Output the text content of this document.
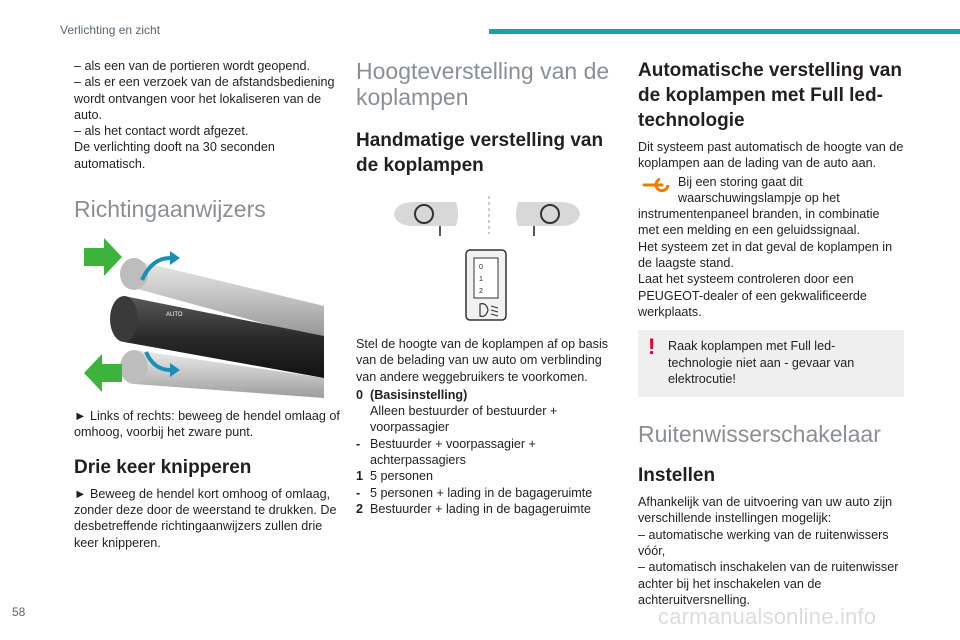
Verlichting en zicht

– als een van de portieren wordt geopend.

– als er een verzoek van de afstandsbediening wordt ontvangen voor het lokaliseren van de auto.

– als het contact wordt afgezet.

De verlichting dooft na 30 seconden automatisch.

Richtingaanwijzers
AUTO

► Links of rechts: beweeg de hendel omlaag of omhoog, voorbij het zware punt.

Drie keer knipperen

► Beweeg de hendel kort omhoog of omlaag, zonder deze door de weerstand te drukken. De desbetreffende richtingaanwijzers zullen drie keer knipperen.

Hoogteverstelling van de koplampen
Handmatige verstelling van de koplampen
0
1
2

Stel de hoogte van de koplampen af op basis van de belading van uw auto om verblinding van andere weggebruikers te voorkomen.

0 (Basisinstelling)
Alleen bestuurder of bestuurder + voorpassagier
- Bestuurder + voorpassagier + achterpassagiers
1 5 personen
- 5 personen + lading in de bagageruimte
2 Bestuurder + lading in de bagageruimte
Automatische verstelling van de koplampen met Full led-technologie

Dit systeem past automatisch de hoogte van de koplampen aan de lading van de auto aan.

Bij een storing gaat dit waarschuwingslampje op het instrumentenpaneel branden, in combinatie met een melding en een geluidssignaal.
Het systeem zet in dat geval de koplampen in de laagste stand.
Laat het systeem controleren door een PEUGEOT-dealer of een gekwalificeerde werkplaats.
! Raak koplampen met Full led-technologie niet aan - gevaar van elektrocutie!
Ruitenwisserschakelaar
Instellen

Afhankelijk van de uitvoering van uw auto zijn verschillende instellingen mogelijk:

– automatische werking van de ruitenwissers vóór,

– automatisch inschakelen van de ruitenwisser achter bij het inschakelen van de achteruitversnelling.

58	carmanualsonline.info
